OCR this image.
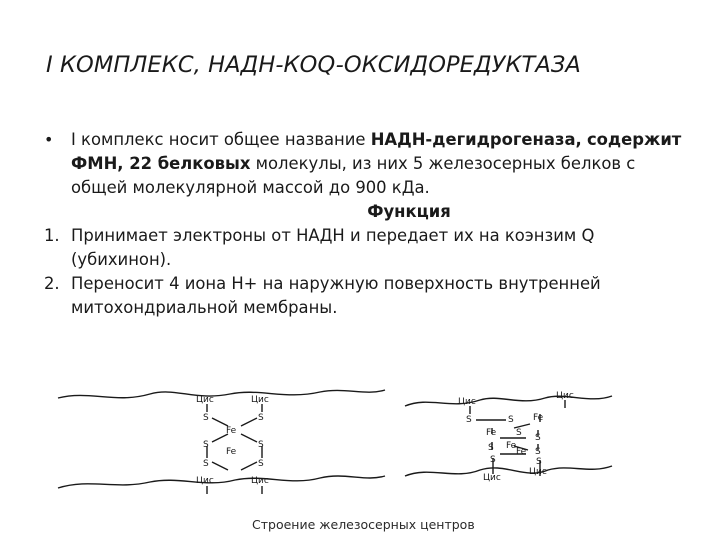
I КОМПЛЕКС, НАДН-КОQ-ОКСИДОРЕДУКТАЗА
• I комплекс носит общее название НАДН-дегидрогеназа, содержит ФМН, 22 белковых молекулы, из них 5 железосерных белков с общей молекулярной массой до 900 кДа.
Функция
1. Принимает электроны от НАДН и передает их на коэнзим Q (убихинон).
2. Переносит 4 иона Н+ на наружную поверхность внутренней митохондриальной мембраны.
Цис	Цис
S	S
Fe
S	S
Fe
S	S
Цис	Цис
Цис
Цис
S	S Fe
Fe S S
S Fe
S
Fe
S	S
Цис
Цис
Строение железосерных центров
